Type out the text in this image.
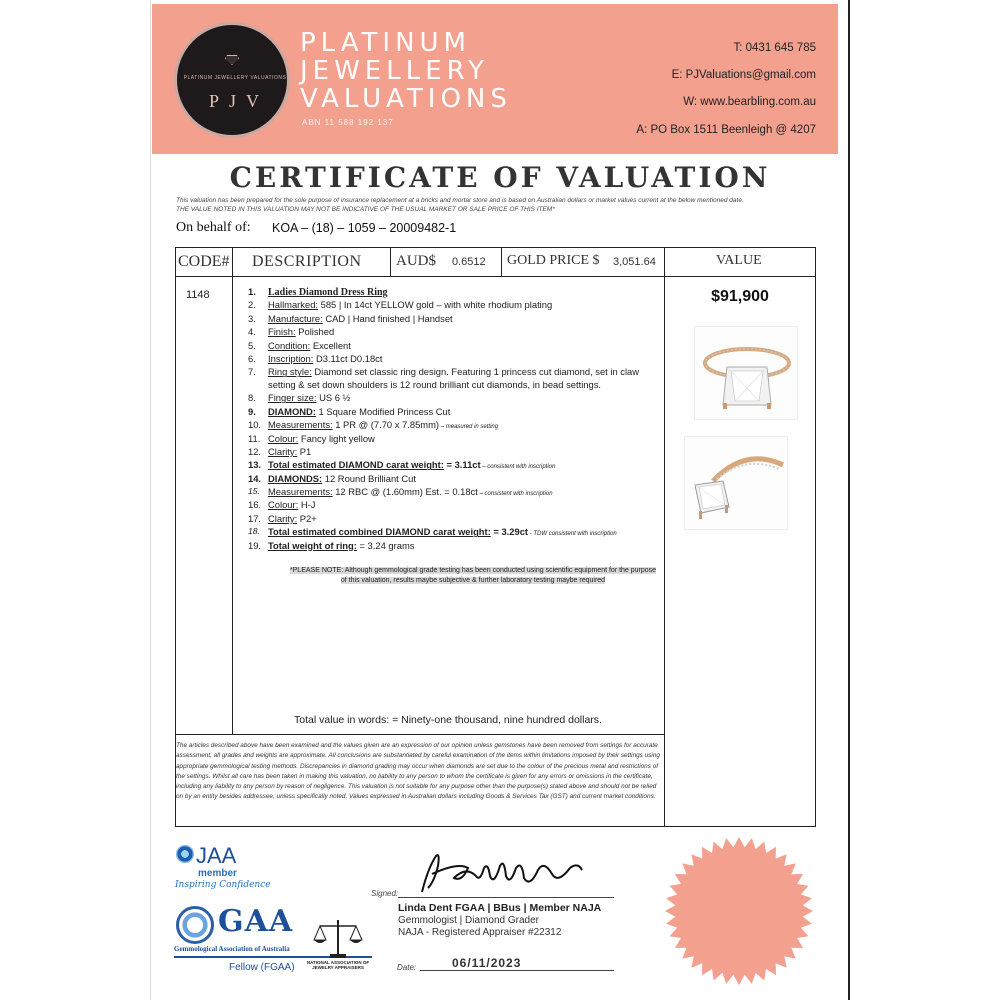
PLATINUM JEWELLERY VALUATIONS
PJV
PLATINUM
JEWELLERY
VALUATIONS
ABN 11 588 192 137
T: 0431 645 785
E: PJValuations@gmail.com
W: www.bearbling.com.au
A: PO Box 1511 Beenleigh @ 4207
CERTIFICATE OF VALUATION
This valuation has been prepared for the sole purpose of insurance replacement at a bricks and mortar store and is based on Australian dollars or market values current at the below mentioned date.
THE VALUE NOTED IN THIS VALUATION MAY NOT BE INDICATIVE OF THE USUAL MARKET OR SALE PRICE OF THIS ITEM*
On behalf of: KOA – (18) – 1059 – 20009482-1
CODE# DESCRIPTION AUD$ 0.6512 GOLD PRICE $ 3,051.64	VALUE
1148	$91,900
1.	Ladies Diamond Dress Ring
2.	Hallmarked: 585 | In 14ct YELLOW gold – with white rhodium plating
3.	Manufacture: CAD | Hand finished | Handset
4.	Finish: Polished
5.	Condition: Excellent
6.	Inscription: D3.11ct D0.18ct
7.	Ring style: Diamond set classic ring design. Featuring 1 princess cut diamond, set in claw setting & set down shoulders is 12 round brilliant cut diamonds, in bead settings.
8.	Finger size: US 6 ½
9.	DIAMOND: 1 Square Modified Princess Cut
10. Measurements: 1 PR @ (7.70 x 7.85mm) – measured in setting
11. Colour: Fancy light yellow
12. Clarity: P1
13. Total estimated DIAMOND carat weight: = 3.11ct – consistent with inscription
14. DIAMONDS: 12 Round Brilliant Cut
15. Measurements: 12 RBC @ (1.60mm) Est. = 0.18ct – consistent with inscription
16. Colour: H-J
17. Clarity: P2+
18. Total estimated combined DIAMOND carat weight: = 3.29ct - TDW consistent with inscription
19. Total weight of ring: = 3.24 grams
*PLEASE NOTE: Although gemmological grade testing has been conducted using scientific equipment for the purpose of this valuation, results maybe subjective & further laboratory testing maybe required
Total value in words: = Ninety-one thousand, nine hundred dollars.
The articles described above have been examined and the values given are an expression of our opinion unless gemstones have been removed from settings for accurate assessment, all grades and weights are approximate. All conclusions are substantiated by careful examination of the items within limitations imposed by their settings using appropriate gemmological testing methods. Discrepancies in diamond grading may occur when diamonds are set due to the colour of the precious metal and restrictions of the settings. Whilst all care has been taken in making this valuation, no liability to any person to whom the certificate is given for any errors or omissions in the certificate, including any liability to any person by reason of negligence. This valuation is not suitable for any purpose other than the purpose(s) stated above and should not be relied on by an entity besides addressee, unless specifically noted. Values expressed in Australian dollars including Goods & Services Tax (GST) and current market conditions.
JAA
member
Inspiring Confidence
GAA
Gemmological Association of Australia
Fellow (FGAA)	NATIONAL ASSOCIATION OF JEWELRY APPRAISERS
Signed:
Linda Dent FGAA | BBus | Member NAJA
Gemmologist | Diamond Grader
NAJA - Registered Appraiser #22312
Date:	06/11/2023
